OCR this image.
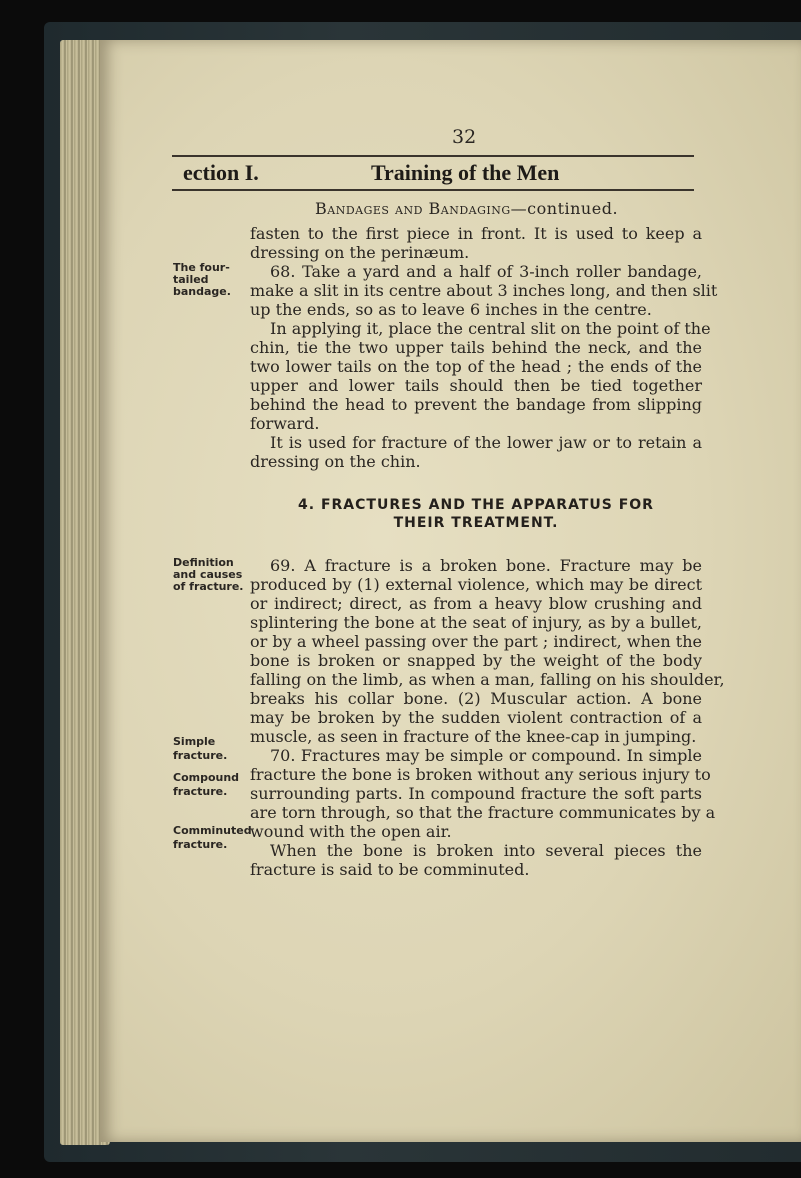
32
ection I.	Training of the Men
Bandages and Bandaging—continued.
The four-
tailed
bandage.
Definition
and causes
of fracture.
Simple
fracture.
Compound
fracture.
Comminuted
fracture.
fasten to the first piece in front. It is used to keep a
dressing on the perinæum.
68. Take a yard and a half of 3-inch roller bandage,
make a slit in its centre about 3 inches long, and then slit
up the ends, so as to leave 6 inches in the centre.
In applying it, place the central slit on the point of the
chin, tie the two upper tails behind the neck, and the
two lower tails on the top of the head ; the ends of the
upper and lower tails should then be tied together
behind the head to prevent the bandage from slipping
forward.
It is used for fracture of the lower jaw or to retain a
dressing on the chin.
4. FRACTURES AND THE APPARATUS FOR
THEIR TREATMENT.
69. A fracture is a broken bone. Fracture may be
produced by (1) external violence, which may be direct
or indirect; direct, as from a heavy blow crushing and
splintering the bone at the seat of injury, as by a bullet,
or by a wheel passing over the part ; indirect, when the
bone is broken or snapped by the weight of the body
falling on the limb, as when a man, falling on his shoulder,
breaks his collar bone. (2) Muscular action. A bone
may be broken by the sudden violent contraction of a
muscle, as seen in fracture of the knee-cap in jumping.
70. Fractures may be simple or compound. In simple
fracture the bone is broken without any serious injury to
surrounding parts. In compound fracture the soft parts
are torn through, so that the fracture communicates by a
wound with the open air.
When the bone is broken into several pieces the
fracture is said to be comminuted.
